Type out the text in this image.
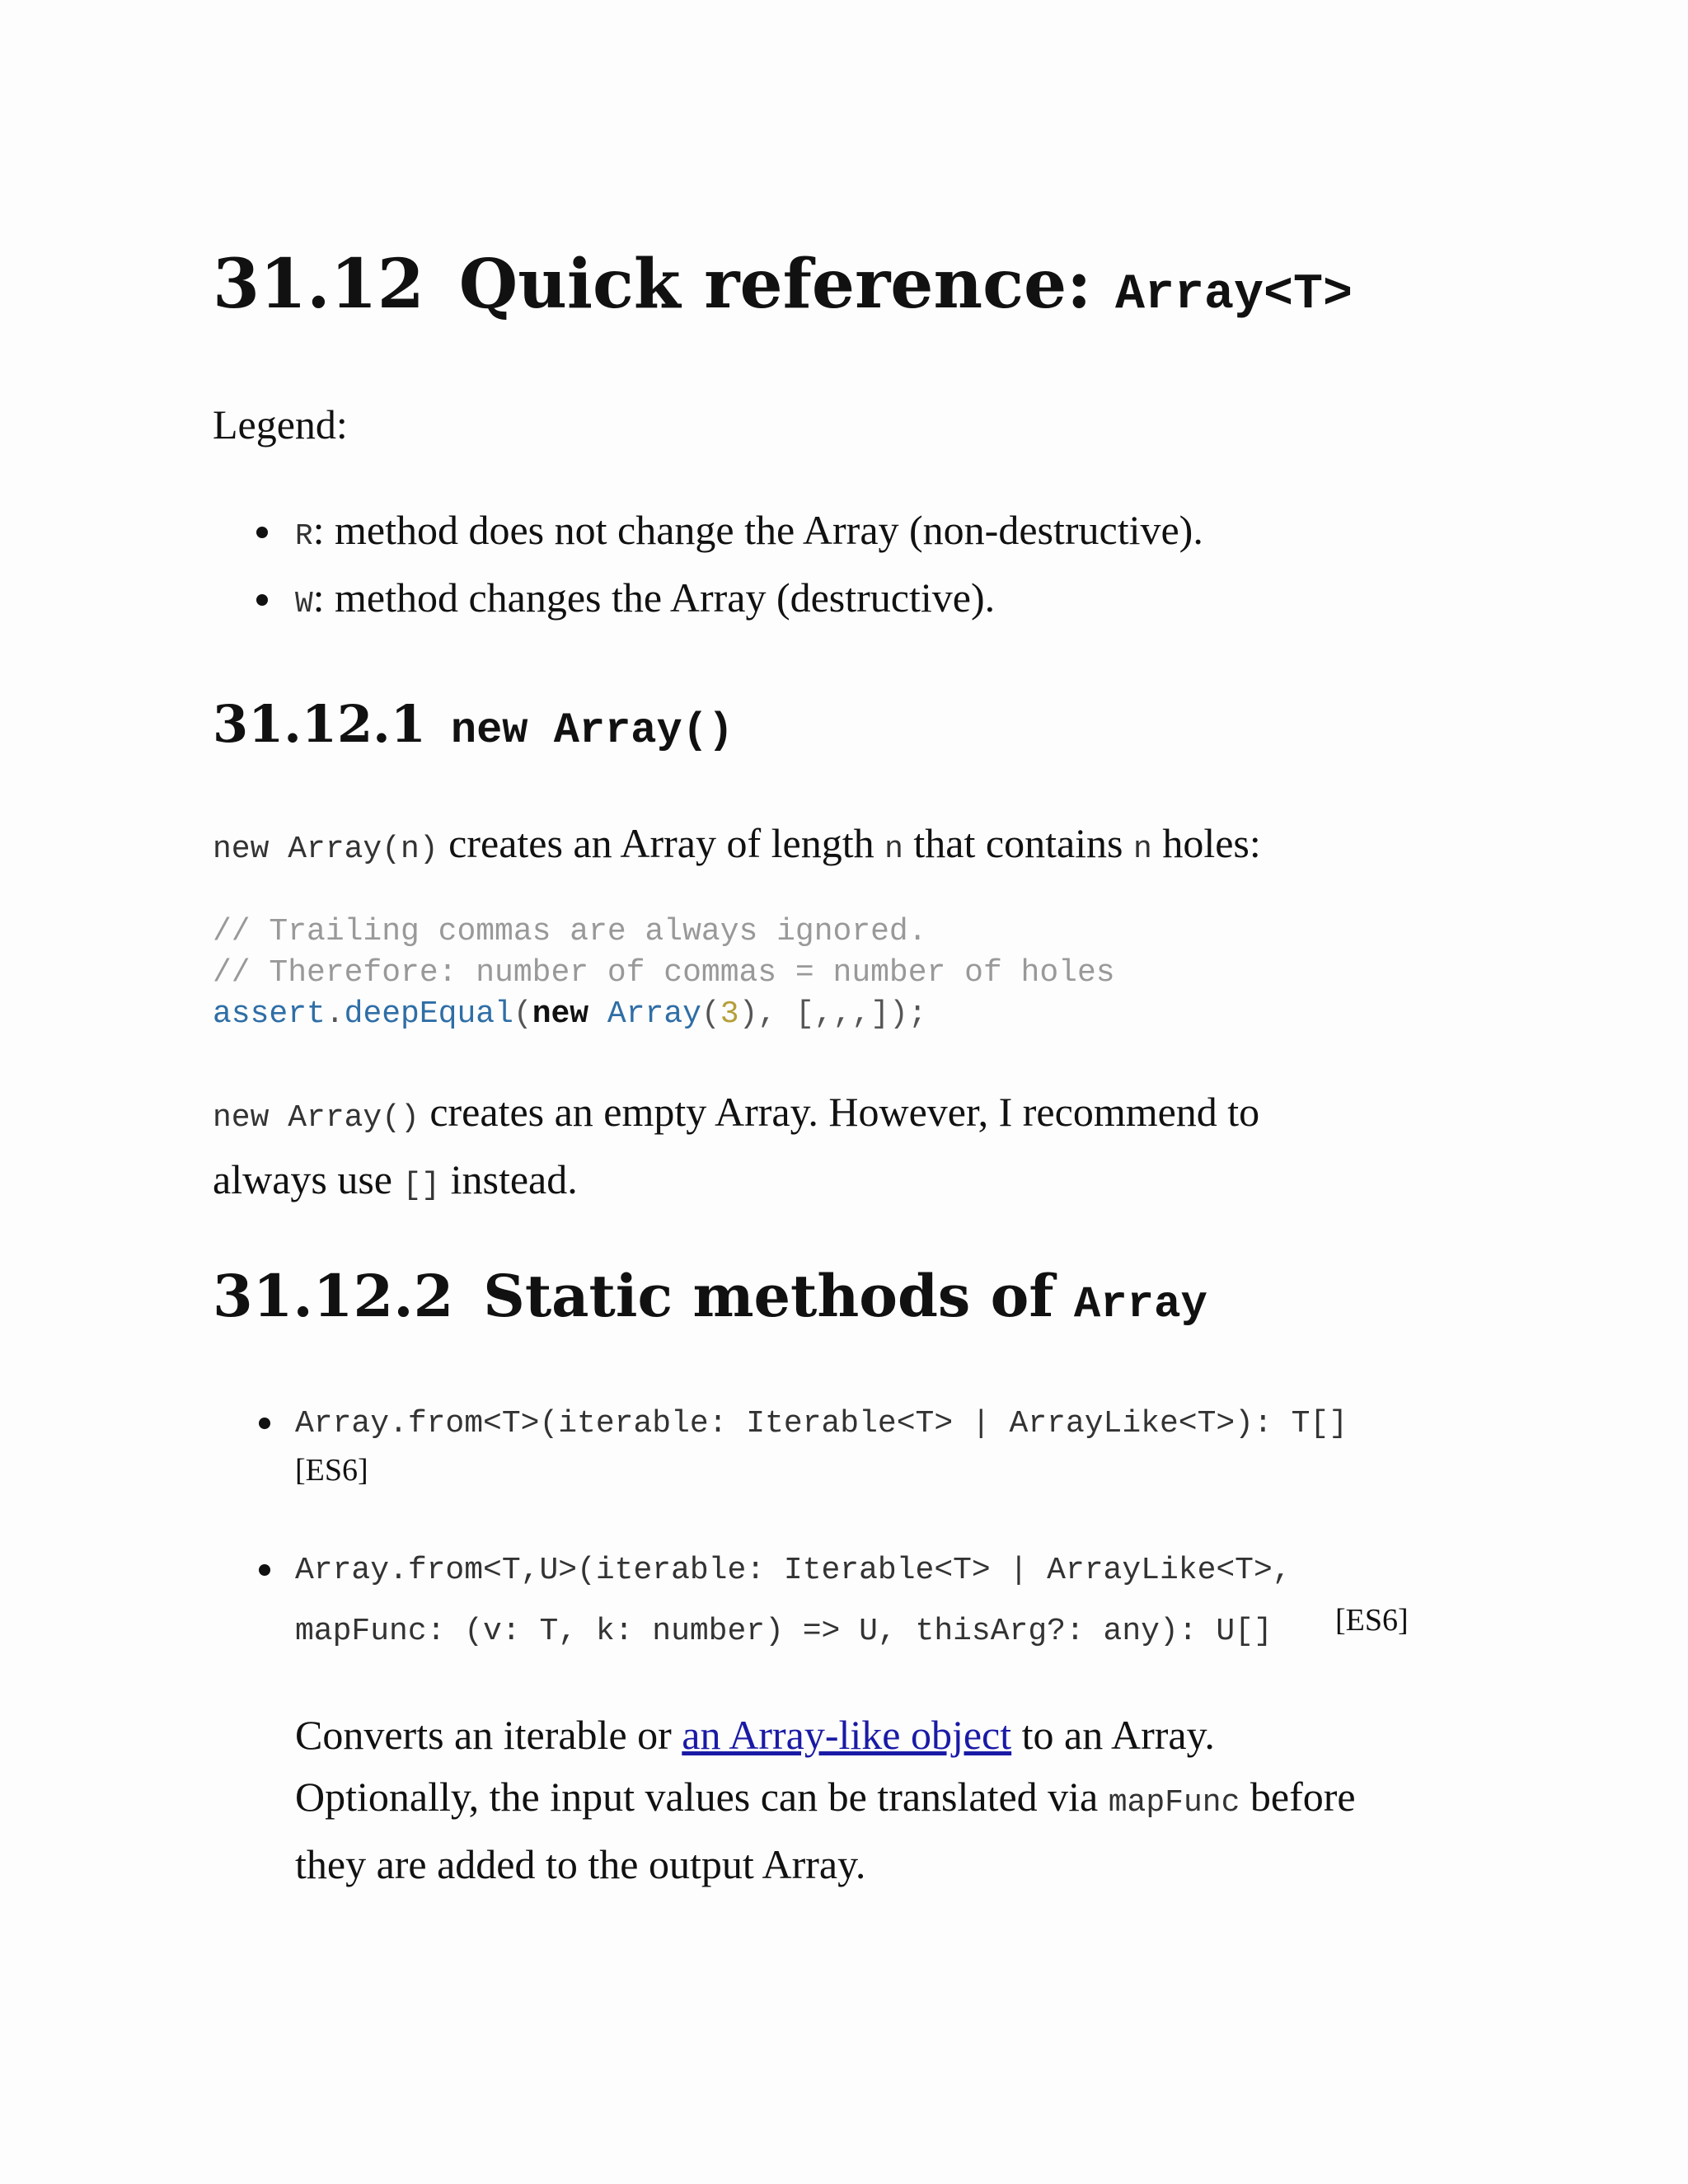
31.12 Quick reference: Array<T>

Legend:

R: method does not change the Array (non-destructive).
W: method changes the Array (destructive).
31.12.1 new Array()

new Array(n) creates an Array of length n that contains n holes:

// Trailing commas are always ignored.
// Therefore: number of commas = number of holes
assert.deepEqual(new Array(3), [,,,]);

new Array() creates an empty Array. However, I recommend to
always use [] instead.

31.12.2 Static methods of Array
Array.from<T>(iterable: Iterable<T> | ArrayLike<T>): T[]
[ES6]
Array.from<T,U>(iterable: Iterable<T> | ArrayLike<T>,
mapFunc: (v: T, k: number) => U, thisArg?: any): U[] [ES6]
Converts an iterable or an Array-like object to an Array.
Optionally, the input values can be translated via mapFunc before
they are added to the output Array.
